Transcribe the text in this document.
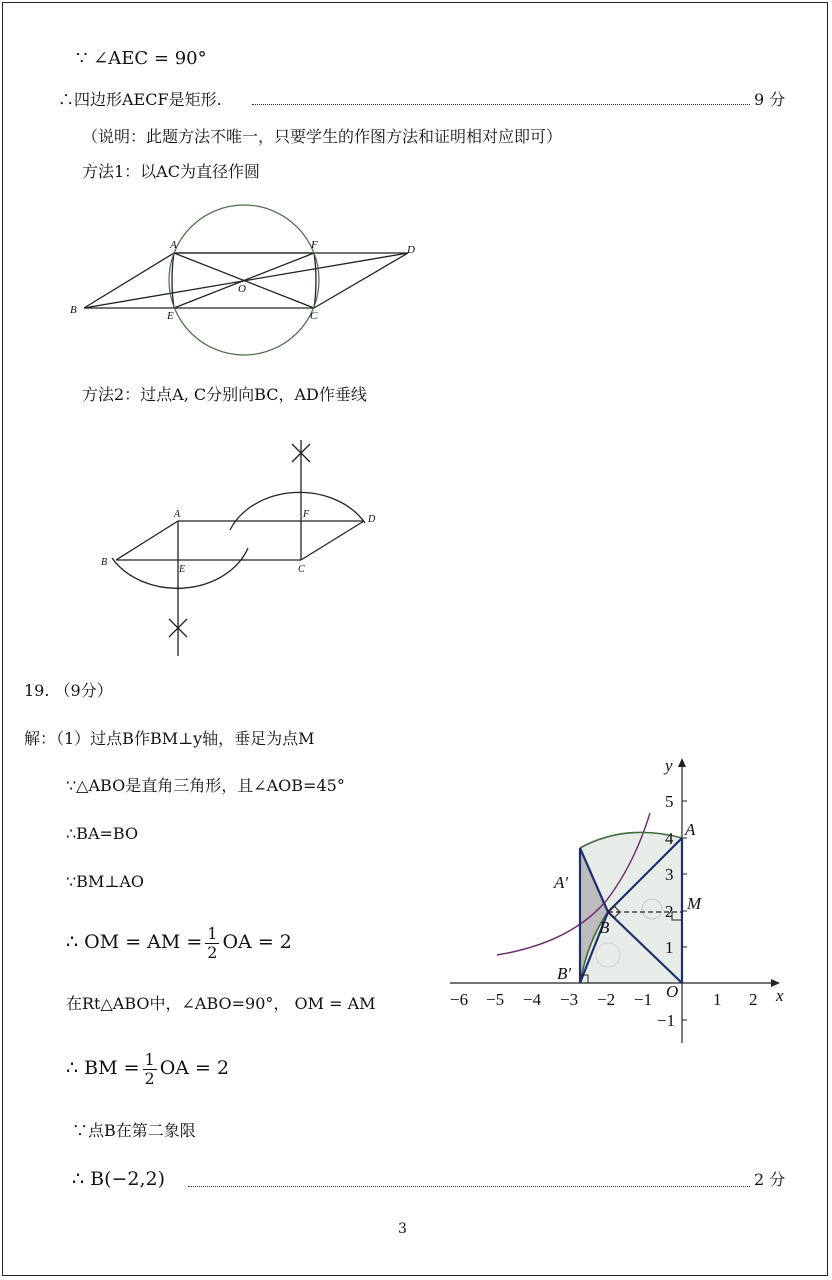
∵ ∠AEC = 90°
∴四边形AECF是矩形.	9 分
（说明：此题方法不唯一，只要学生的作图方法和证明相对应即可）
方法1：以AC为直径作圆
A	F	D
B	E	C
O
方法2：过点A, C分别向BC，AD作垂线
A	F	D
B
E	C
19. （9分）
解：（1）过点B作BM⊥y轴，垂足为点M
∵△ABO是直角三角形，且∠AOB=45°
∴BA=BO
∵BM⊥AO
∴ OM = AM = $\frac{1}{2}$ OA = 2
在Rt△ABO中，∠ABO=90°， OM = AM
∴ BM = $\frac{1}{2}$ OA = 2
∵点B在第二象限
∴ B(−2,2)	2 分
3
−6 −5 −4 −3 −2 −1	1 2
5
4
3
2
1
−1
x
y
O
A
A′
B
B′
M
